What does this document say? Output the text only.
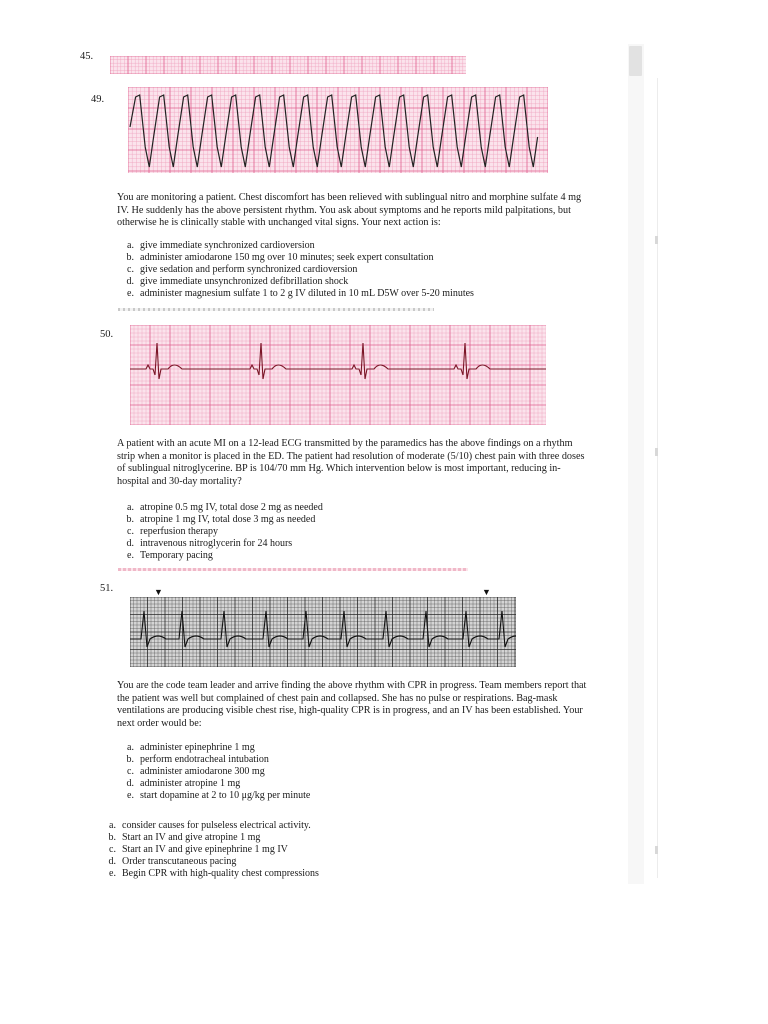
45.
49.
You are monitoring a patient. Chest discomfort has been relieved with sublingual nitro and morphine sulfate 4 mg IV. He suddenly has the above persistent rhythm. You ask about symptoms and he reports mild palpitations, but otherwise he is clinically stable with unchanged vital signs. Your next action is:
a. give immediate synchronized cardioversion
b. administer amiodarone 150 mg over 10 minutes; seek expert consultation
c. give sedation and perform synchronized cardioversion
d. give immediate unsynchronized defibrillation shock
e. administer magnesium sulfate 1 to 2 g IV diluted in 10 mL D5W over 5-20 minutes
50.
A patient with an acute MI on a 12-lead ECG transmitted by the paramedics has the above findings on a rhythm strip when a monitor is placed in the ED. The patient had resolution of moderate (5/10) chest pain with three doses of sublingual nitroglycerine. BP is 104/70 mm Hg. Which intervention below is most important, reducing in-hospital and 30-day mortality?
a. atropine 0.5 mg IV, total dose 2 mg as needed
b. atropine 1 mg IV, total dose 3 mg as needed
c. reperfusion therapy
d. intravenous nitroglycerin for 24 hours
e. Temporary pacing
51.	▼	▼
You are the code team leader and arrive finding the above rhythm with CPR in progress. Team members report that the patient was well but complained of chest pain and collapsed. She has no pulse or respirations. Bag-mask ventilations are producing visible chest rise, high-quality CPR is in progress, and an IV has been established. Your next order would be:
a. administer epinephrine 1 mg
b. perform endotracheal intubation
c. administer amiodarone 300 mg
d. administer atropine 1 mg
e. start dopamine at 2 to 10 μg/kg per minute
a. consider causes for pulseless electrical activity.
b. Start an IV and give atropine 1 mg
c. Start an IV and give epinephrine 1 mg IV
d. Order transcutaneous pacing
e. Begin CPR with high-quality chest compressions
